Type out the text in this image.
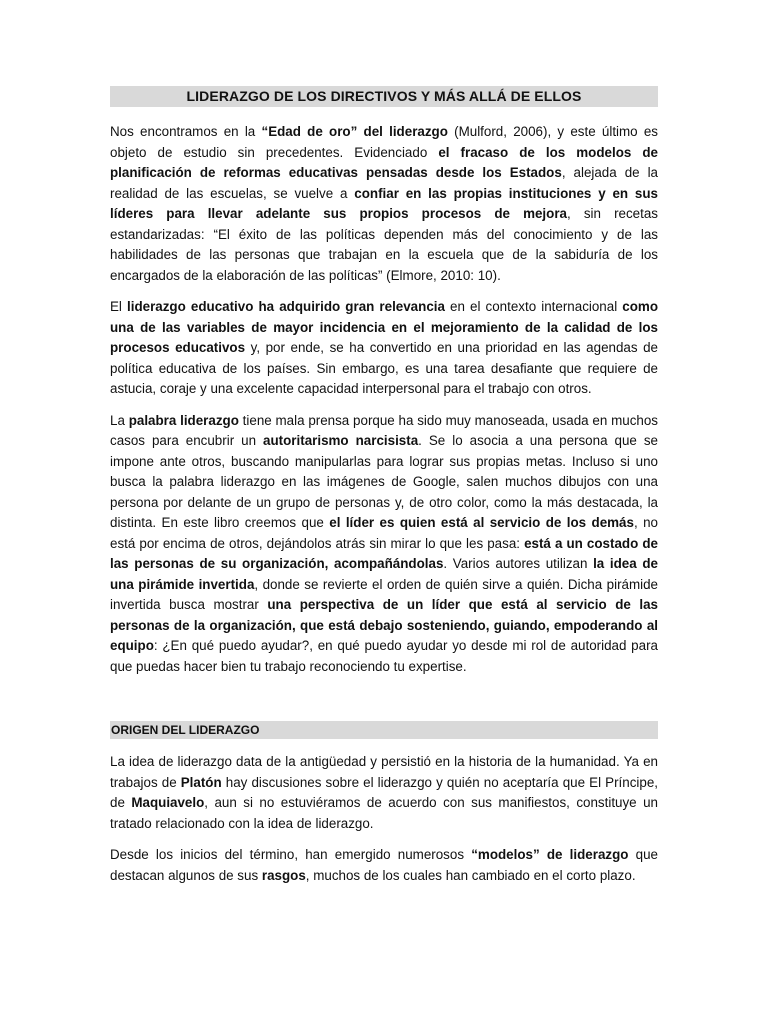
LIDERAZGO DE LOS DIRECTIVOS Y MÁS ALLÁ DE ELLOS

Nos encontramos en la “Edad de oro” del liderazgo (Mulford, 2006), y este último es objeto de estudio sin precedentes. Evidenciado el fracaso de los modelos de planificación de reformas educativas pensadas desde los Estados, alejada de la realidad de las escuelas, se vuelve a confiar en las propias instituciones y en sus líderes para llevar adelante sus propios procesos de mejora, sin recetas estandarizadas: “El éxito de las políticas dependen más del conocimiento y de las habilidades de las personas que trabajan en la escuela que de la sabiduría de los encargados de la elaboración de las políticas” (Elmore, 2010: 10).

El liderazgo educativo ha adquirido gran relevancia en el contexto internacional como una de las variables de mayor incidencia en el mejoramiento de la calidad de los procesos educativos y, por ende, se ha convertido en una prioridad en las agendas de política educativa de los países. Sin embargo, es una tarea desafiante que requiere de astucia, coraje y una excelente capacidad interpersonal para el trabajo con otros.

La palabra liderazgo tiene mala prensa porque ha sido muy manoseada, usada en muchos casos para encubrir un autoritarismo narcisista. Se lo asocia a una persona que se impone ante otros, buscando manipularlas para lograr sus propias metas. Incluso si uno busca la palabra liderazgo en las imágenes de Google, salen muchos dibujos con una persona por delante de un grupo de personas y, de otro color, como la más destacada, la distinta. En este libro creemos que el líder es quien está al servicio de los demás, no está por encima de otros, dejándolos atrás sin mirar lo que les pasa: está a un costado de las personas de su organización, acompañándolas. Varios autores utilizan la idea de una pirámide invertida, donde se revierte el orden de quién sirve a quién. Dicha pirámide invertida busca mostrar una perspectiva de un líder que está al servicio de las personas de la organización, que está debajo sosteniendo, guiando, empoderando al equipo: ¿En qué puedo ayudar?, en qué puedo ayudar yo desde mi rol de autoridad para que puedas hacer bien tu trabajo reconociendo tu expertise.

ORIGEN DEL LIDERAZGO

La idea de liderazgo data de la antigüedad y persistió en la historia de la humanidad. Ya en trabajos de Platón hay discusiones sobre el liderazgo y quién no aceptaría que El Príncipe, de Maquiavelo, aun si no estuviéramos de acuerdo con sus manifiestos, constituye un tratado relacionado con la idea de liderazgo.

Desde los inicios del término, han emergido numerosos “modelos” de liderazgo que destacan algunos de sus rasgos, muchos de los cuales han cambiado en el corto plazo.
